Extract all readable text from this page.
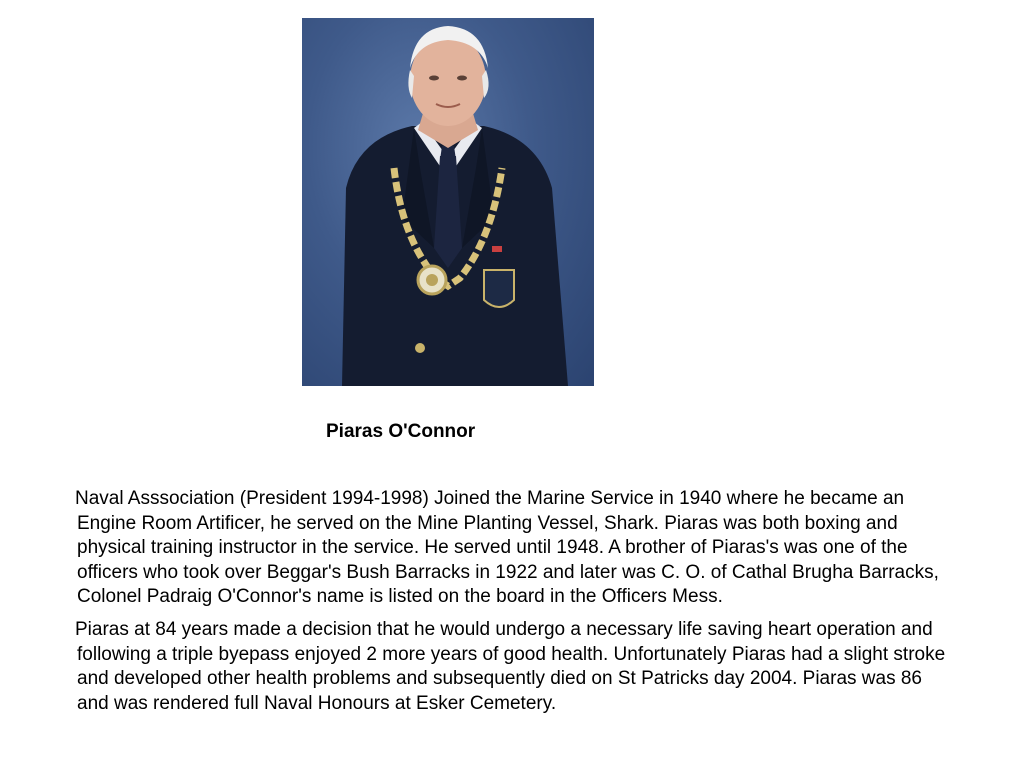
Piaras O'Connor

Naval Asssociation (President 1994-1998) Joined the Marine Service in 1940 where he became an Engine Room Artificer, he served on the Mine Planting Vessel, Shark. Piaras was both boxing and physical training instructor in the service. He served until 1948. A brother of Piaras's was one of the officers who took over Beggar's Bush Barracks in 1922 and later was C. O. of Cathal Brugha Barracks, Colonel Padraig O'Connor's name is listed on the board in the Officers Mess.

Piaras at 84 years made a decision that he would undergo a necessary life saving heart operation and following a triple byepass enjoyed 2 more years of good health. Unfortunately Piaras had a slight stroke and developed other health problems and subsequently died on St Patricks day 2004. Piaras was 86 and was rendered full Naval Honours at Esker Cemetery.
